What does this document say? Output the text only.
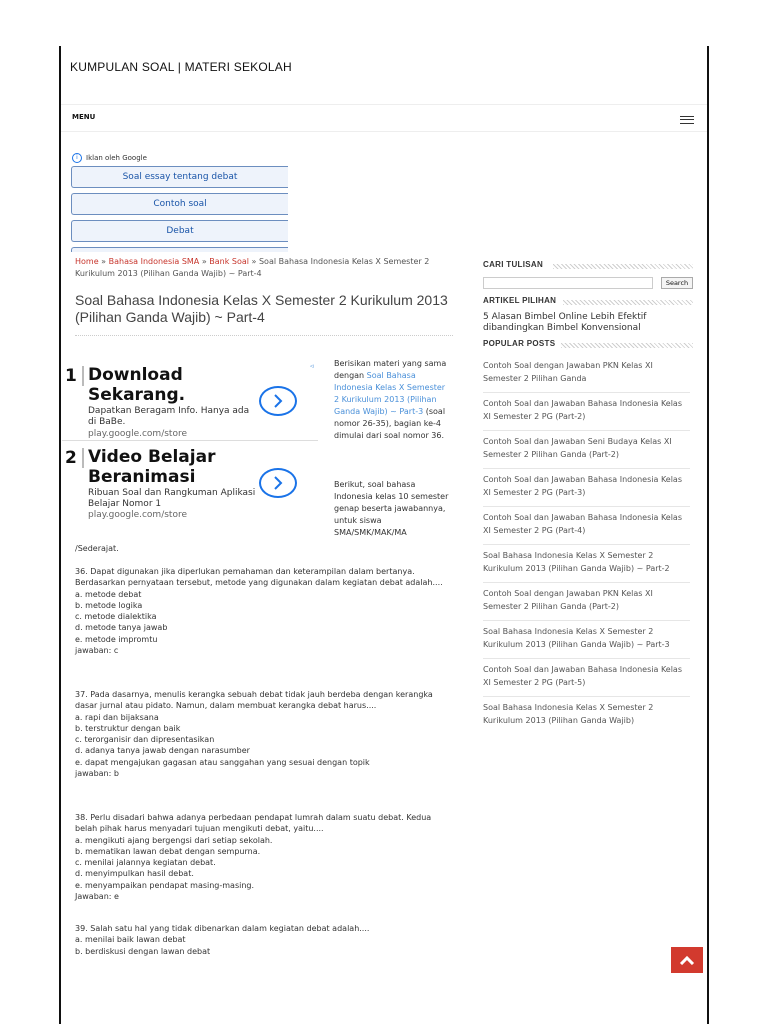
KUMPULAN SOAL | MATERI SEKOLAH
MENU
i	Iklan oleh Google
Soal essay tentang debat
Contoh soal
Debat
Home » Bahasa Indonesia SMA » Bank Soal » Soal Bahasa Indonesia Kelas X Semester 2 Kurikulum 2013 (Pilihan Ganda Wajib) ~ Part-4
Soal Bahasa Indonesia Kelas X Semester 2 Kurikulum 2013 (Pilihan Ganda Wajib) ~ Part-4
1 Download Sekarang.
Dapatkan Beragam Info. Hanya ada di BaBe.
play.google.com/store
2 Video Belajar Beranimasi
Ribuan Soal dan Rangkuman Aplikasi Belajar Nomor 1
play.google.com/store
◃	Berisikan materi yang sama dengan Soal Bahasa Indonesia Kelas X Semester 2 Kurikulum 2013 (Pilihan Ganda Wajib) ~ Part-3 (soal nomor 26-35), bagian ke-4 dimulai dari soal nomor 36.
Berikut, soal bahasa Indonesia kelas 10 semester genap beserta jawabannya, untuk siswa SMA/SMK/MAK/MA
/Sederajat.
36. Dapat digunakan jika diperlukan pemahaman dan keterampilan dalam bertanya. Berdasarkan pernyataan tersebut, metode yang digunakan dalam kegiatan debat adalah....
a. metode debat
b. metode logika
c. metode dialektika
d. metode tanya jawab
e. metode impromtu
jawaban: c
37. Pada dasarnya, menulis kerangka sebuah debat tidak jauh berdeba dengan kerangka dasar jurnal atau pidato. Namun, dalam membuat kerangka debat harus....
a. rapi dan bijaksana
b. terstruktur dengan baik
c. terorganisir dan dipresentasikan
d. adanya tanya jawab dengan narasumber
e. dapat mengajukan gagasan atau sanggahan yang sesuai dengan topik
jawaban: b
38. Perlu disadari bahwa adanya perbedaan pendapat lumrah dalam suatu debat. Kedua belah pihak harus menyadari tujuan mengikuti debat, yaitu....
a. mengikuti ajang bergengsi dari setiap sekolah.
b. mematikan lawan debat dengan sempurna.
c. menilai jalannya kegiatan debat.
d. menyimpulkan hasil debat.
e. menyampaikan pendapat masing-masing.
Jawaban: e
39. Salah satu hal yang tidak dibenarkan dalam kegiatan debat adalah....
a. menilai baik lawan debat
b. berdiskusi dengan lawan debat
CARI TULISAN
Search
ARTIKEL PILIHAN
5 Alasan Bimbel Online Lebih Efektif dibandingkan Bimbel Konvensional
POPULAR POSTS
Contoh Soal dengan Jawaban PKN Kelas XI Semester 2 Pilihan Ganda
Contoh Soal dan Jawaban Bahasa Indonesia Kelas XI Semester 2 PG (Part-2)
Contoh Soal dan Jawaban Seni Budaya Kelas XI Semester 2 Pilihan Ganda (Part-2)
Contoh Soal dan Jawaban Bahasa Indonesia Kelas XI Semester 2 PG (Part-3)
Contoh Soal dan Jawaban Bahasa Indonesia Kelas XI Semester 2 PG (Part-4)
Soal Bahasa Indonesia Kelas X Semester 2 Kurikulum 2013 (Pilihan Ganda Wajib) ~ Part-2
Contoh Soal dengan Jawaban PKN Kelas XI Semester 2 Pilihan Ganda (Part-2)
Soal Bahasa Indonesia Kelas X Semester 2 Kurikulum 2013 (Pilihan Ganda Wajib) ~ Part-3
Contoh Soal dan Jawaban Bahasa Indonesia Kelas XI Semester 2 PG (Part-5)
Soal Bahasa Indonesia Kelas X Semester 2 Kurikulum 2013 (Pilihan Ganda Wajib)
